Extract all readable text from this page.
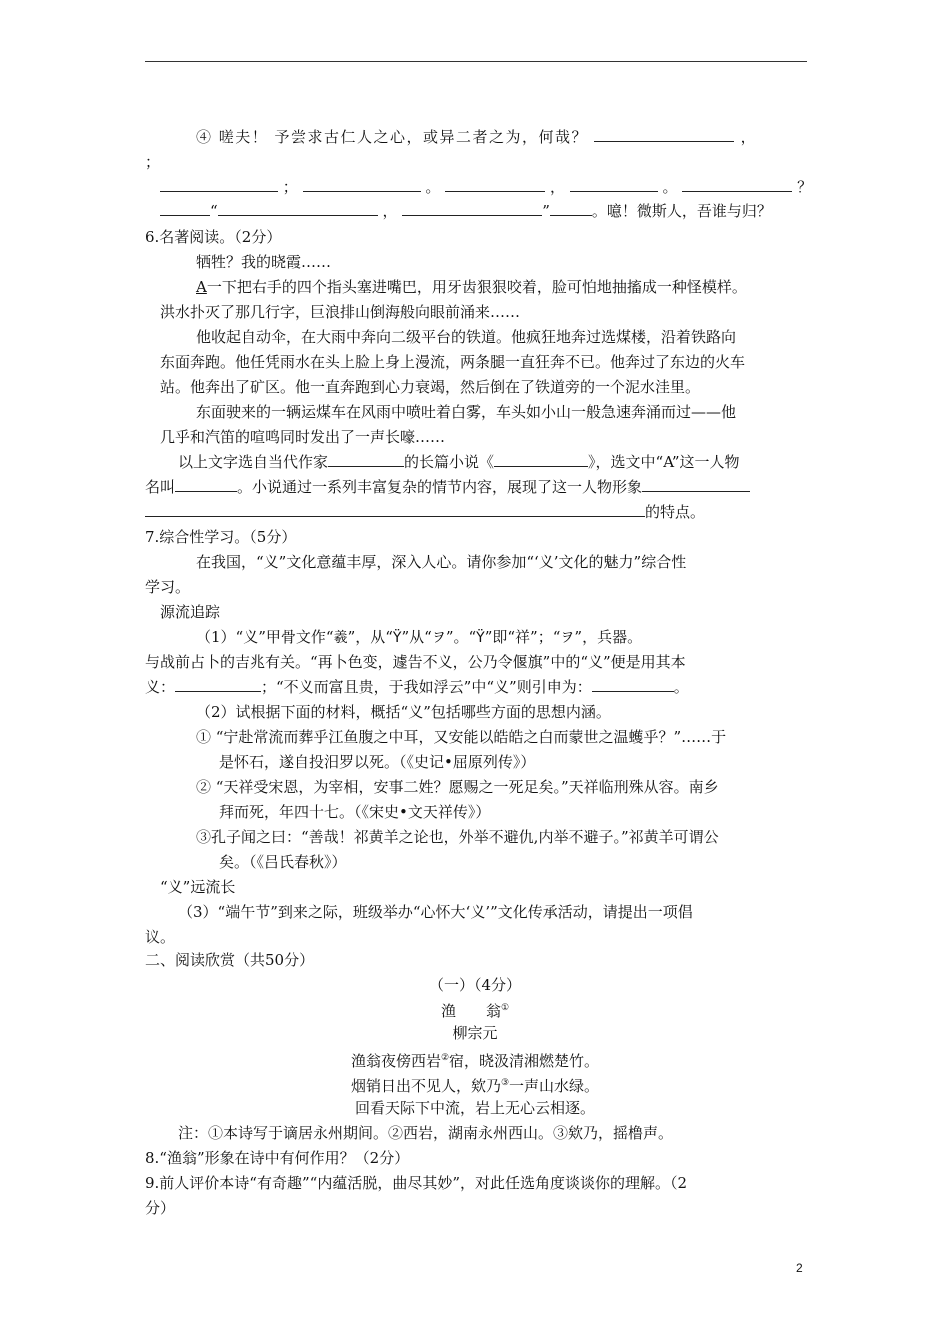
④ 嗟夫！ 予尝求古仁人之心，或异二者之为，何哉？	，
；
；	。	，	。	？
“	，	”	。噫！微斯人，吾谁与归？
6.名著阅读。（2分）
牺牲？我的晓霞……
A一下把右手的四个指头塞进嘴巴，用牙齿狠狠咬着，脸可怕地抽搐成一种怪模样。
洪水扑灭了那几行字，巨浪排山倒海般向眼前涌来……
他收起自动伞，在大雨中奔向二级平台的铁道。他疯狂地奔过选煤楼，沿着铁路向
东面奔跑。他任凭雨水在头上脸上身上漫流，两条腿一直狂奔不已。他奔过了东边的火车
站。他奔出了矿区。他一直奔跑到心力衰竭，然后倒在了铁道旁的一个泥水洼里。
东面驶来的一辆运煤车在风雨中喷吐着白雾，车头如小山一般急速奔涌而过——他
几乎和汽笛的喧鸣同时发出了一声长嚎……
以上文字选自当代作家	的长篇小说《	》，选文中“A”这一人物
名叫	。小说通过一系列丰富复杂的情节内容，展现了这一人物形象
的特点。
7.综合性学习。（5分）
在我国，“义”文化意蕴丰厚，深入人心。请你参加“‘义’文化的魅力”综合性
学习。
源流追踪
（1）“义”甲骨文作“羲”，从“Ϋ”从“ヲ”。“Ϋ”即“祥”；“ヲ”，兵器。
与战前占卜的吉兆有关。“再卜色变，遽告不义，公乃令偃旗”中的“义”便是用其本
义：	；“不义而富且贵，于我如浮云”中“义”则引申为：	。
（2）试根据下面的材料，概括“义”包括哪些方面的思想内涵。
① “宁赴常流而葬乎江鱼腹之中耳，又安能以皓皓之白而蒙世之温蠖乎？”……于
是怀石，遂自投汨罗以死。（《史记•屈原列传》）
② “天祥受宋恩，为宰相，安事二姓？愿赐之一死足矣。”天祥临刑殊从容。南乡
拜而死，年四十七。（《宋史•文天祥传》）
③孔子闻之曰：“善哉！祁黄羊之论也，外举不避仇,内举不避子。”祁黄羊可谓公
矣。（《吕氏春秋》）
“义”远流长
（3）“端午节”到来之际，班级举办“心怀大‘义’”文化传承活动，请提出一项倡
议。
二、阅读欣赏（共50分）
（一）（4分）
渔　　翁①
柳宗元
渔翁夜傍西岩②宿，晓汲清湘燃楚竹。
烟销日出不见人，欸乃③一声山水绿。
回看天际下中流，岩上无心云相逐。
注：①本诗写于谪居永州期间。②西岩，湖南永州西山。③欸乃，摇橹声。
8.“渔翁”形象在诗中有何作用？（2分）
9.前人评价本诗“有奇趣”“内蕴活脱，曲尽其妙”，对此任选角度谈谈你的理解。（2
分）
2
